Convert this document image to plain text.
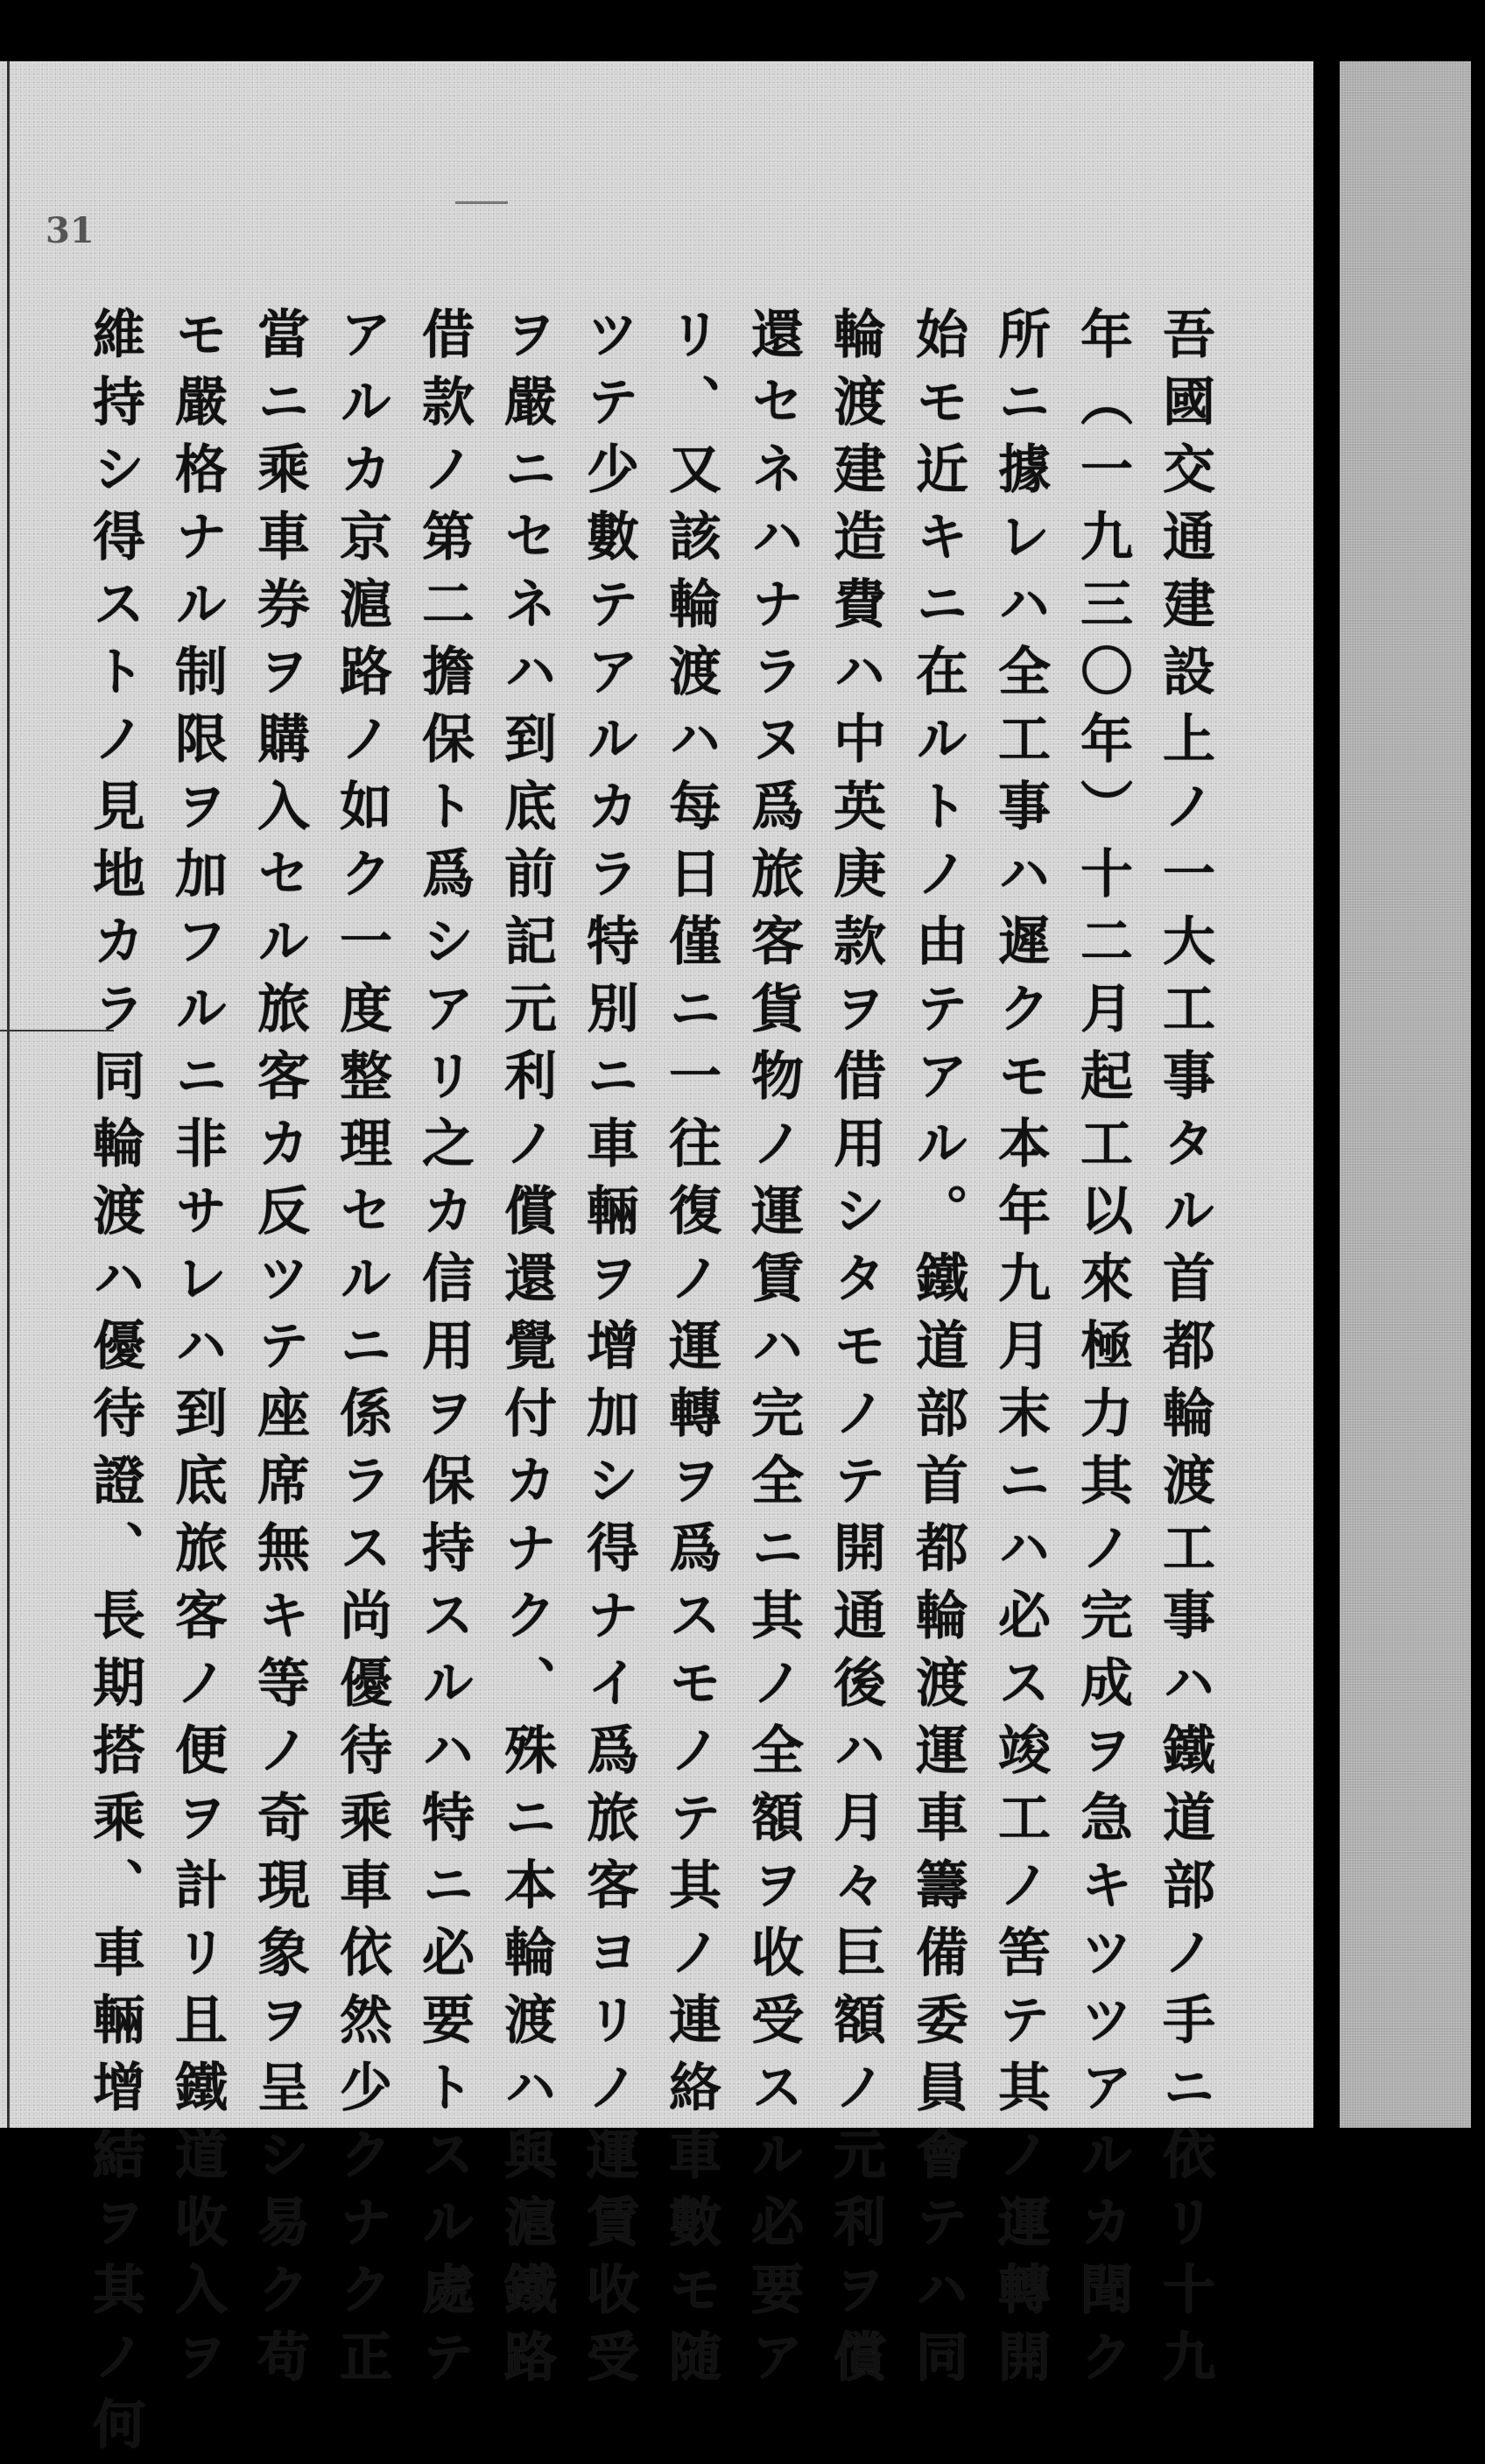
31
吾國交通建設上ノ一大工事タル首都輪渡工事ハ鐵道部ノ手ニ依リ十九
年（一九三〇年）十二月起工以來極力其ノ完成ヲ急キツツアルカ聞ク
所ニ據レハ全工事ハ遲クモ本年九月末ニハ必ス竣工ノ筈テ其ノ運轉開
始モ近キニ在ルトノ由テアル。鐵道部首都輪渡運車籌備委員會テハ同
輪渡建造費ハ中英庚款ヲ借用シタモノテ開通後ハ月々巨額ノ元利ヲ償
還セネハナラヌ爲旅客貨物ノ運賃ハ完全ニ其ノ全額ヲ收受スル必要ア
リ、又該輪渡ハ每日僅ニ一往復ノ運轉ヲ爲スモノテ其ノ連絡車數モ随
ツテ少數テアルカラ特別ニ車輛ヲ增加シ得ナイ爲旅客ヨリノ運賃收受
ヲ嚴ニセネハ到底前記元利ノ償還覺付カナク、殊ニ本輪渡ハ與滬鐵路
借款ノ第二擔保ト爲シアリ之カ信用ヲ保持スルハ特ニ必要トスル處テ
アルカ京滬路ノ如ク一度整理セルニ係ラス尚優待乘車依然少クナク正
當ニ乘車券ヲ購入セル旅客カ反ツテ座席無キ等ノ奇現象ヲ呈シ易ク苟
モ嚴格ナル制限ヲ加フルニ非サレハ到底旅客ノ便ヲ計リ且鐵道收入ヲ
維持シ得ストノ見地カラ同輪渡ハ優待證、長期搭乘、車輛增結ヲ其ノ何
